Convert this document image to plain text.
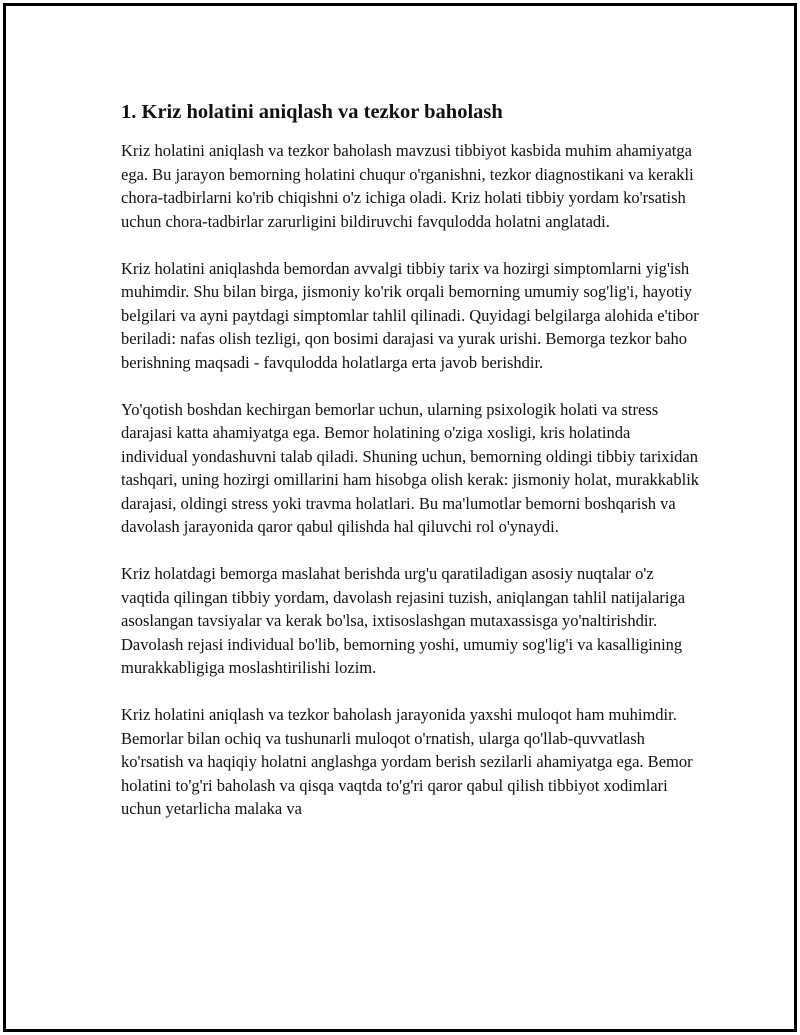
1. Kriz holatini aniqlash va tezkor baholash

Kriz holatini aniqlash va tezkor baholash mavzusi tibbiyot kasbida muhim ahamiyatga ega. Bu jarayon bemorning holatini chuqur o'rganishni, tezkor diagnostikani va kerakli chora-tadbirlarni ko'rib chiqishni o'z ichiga oladi. Kriz holati tibbiy yordam ko'rsatish uchun chora-tadbirlar zarurligini bildiruvchi favqulodda holatni anglatadi.

Kriz holatini aniqlashda bemordan avvalgi tibbiy tarix va hozirgi simptomlarni yig'ish muhimdir. Shu bilan birga, jismoniy ko'rik orqali bemorning umumiy sog'lig'i, hayotiy belgilari va ayni paytdagi simptomlar tahlil qilinadi. Quyidagi belgilarga alohida e'tibor beriladi: nafas olish tezligi, qon bosimi darajasi va yurak urishi. Bemorga tezkor baho berishning maqsadi - favqulodda holatlarga erta javob berishdir.

Yo'qotish boshdan kechirgan bemorlar uchun, ularning psixologik holati va stress darajasi katta ahamiyatga ega. Bemor holatining o'ziga xosligi, kris holatinda individual yondashuvni talab qiladi. Shuning uchun, bemorning oldingi tibbiy tarixidan tashqari, uning hozirgi omillarini ham hisobga olish kerak: jismoniy holat, murakkablik darajasi, oldingi stress yoki travma holatlari. Bu ma'lumotlar bemorni boshqarish va davolash jarayonida qaror qabul qilishda hal qiluvchi rol o'ynaydi.

Kriz holatdagi bemorga maslahat berishda urg'u qaratiladigan asosiy nuqtalar o'z vaqtida qilingan tibbiy yordam, davolash rejasini tuzish, aniqlangan tahlil natijalariga asoslangan tavsiyalar va kerak bo'lsa, ixtisoslashgan mutaxassisga yo'naltirishdir. Davolash rejasi individual bo'lib, bemorning yoshi, umumiy sog'lig'i va kasalligining murakkabligiga moslashtirilishi lozim.

Kriz holatini aniqlash va tezkor baholash jarayonida yaxshi muloqot ham muhimdir. Bemorlar bilan ochiq va tushunarli muloqot o'rnatish, ularga qo'llab-quvvatlash ko'rsatish va haqiqiy holatni anglashga yordam berish sezilarli ahamiyatga ega. Bemor holatini to'g'ri baholash va qisqa vaqtda to'g'ri qaror qabul qilish tibbiyot xodimlari uchun yetarlicha malaka va
